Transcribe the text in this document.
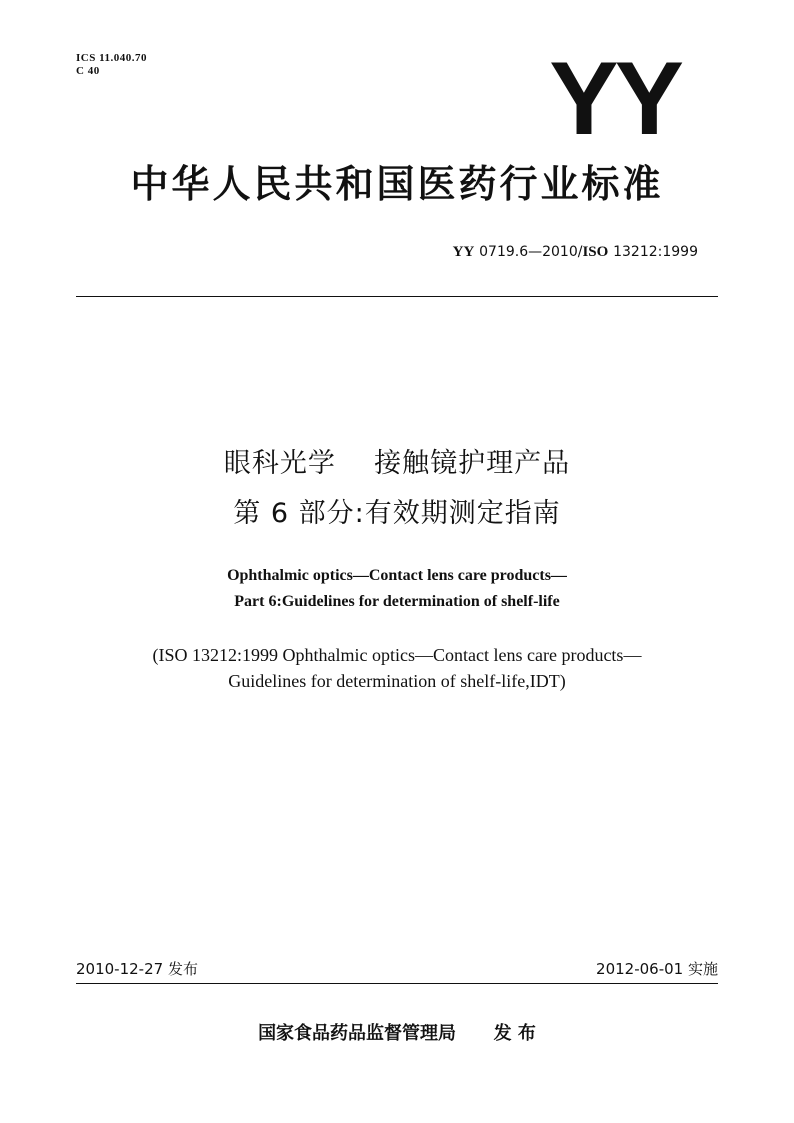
ICS 11.040.70
C 40	YY
中华人民共和国医药行业标准
YY 0719.6—2010/ISO 13212:1999
眼科光学    接触镜护理产品
第 6 部分:有效期测定指南
Ophthalmic optics—Contact lens care products—
Part 6:Guidelines for determination of shelf-life
(ISO 13212:1999 Ophthalmic optics—Contact lens care products—
Guidelines for determination of shelf-life,IDT)
2010-12-27 发布	2012-06-01 实施
国家食品药品监督管理局      发 布
